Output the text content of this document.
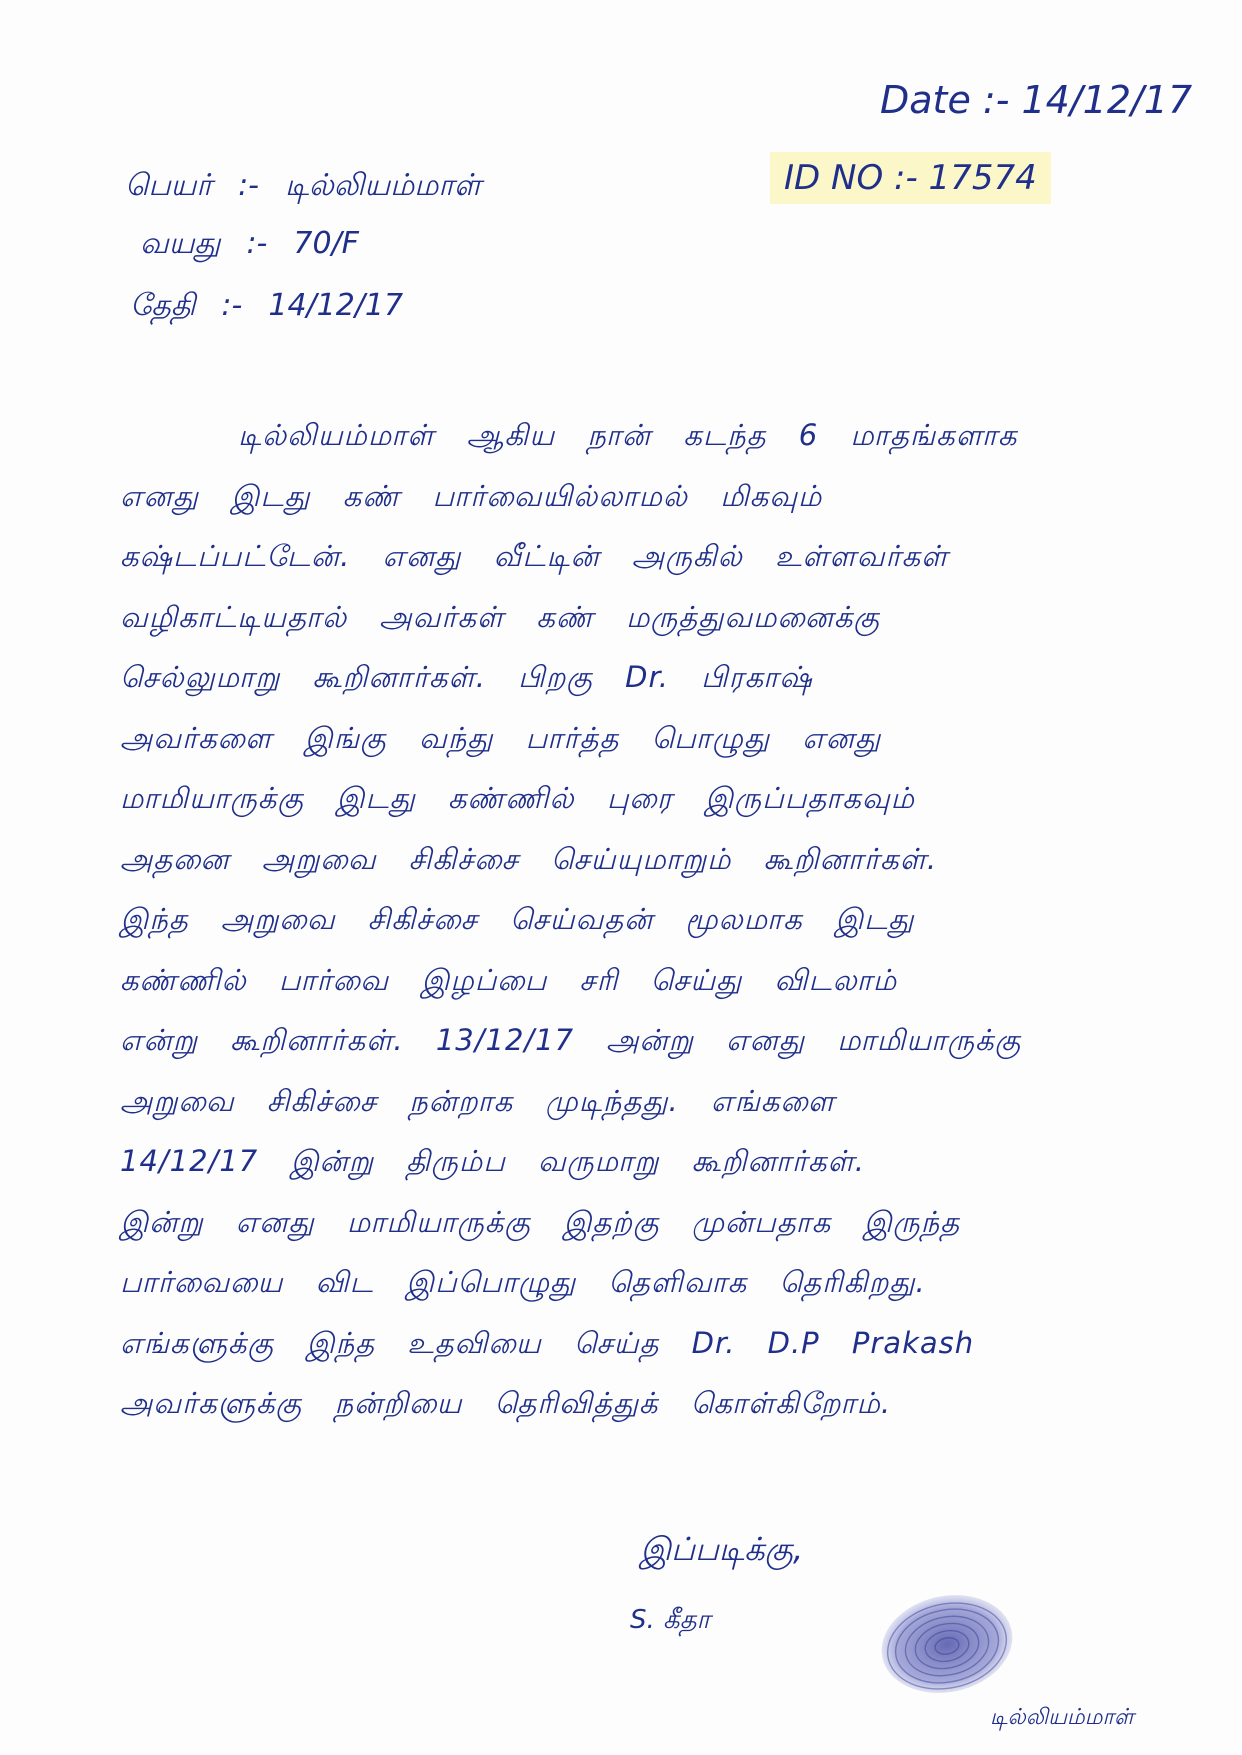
Date :- 14/12/17
ID NO :- 17574
பெயர் :- டில்லியம்மாள்
வயது :- 70/F
தேதி :- 14/12/17
டில்லியம்மாள் ஆகிய நான் கடந்த 6 மாதங்களாக
எனது இடது கண் பார்வையில்லாமல் மிகவும்
கஷ்டப்பட்டேன். எனது வீட்டின் அருகில் உள்ளவர்கள்
வழிகாட்டியதால் அவர்கள் கண் மருத்துவமனைக்கு
செல்லுமாறு கூறினார்கள். பிறகு Dr. பிரகாஷ்
அவர்களை இங்கு வந்து பார்த்த பொழுது எனது
மாமியாருக்கு இடது கண்ணில் புரை இருப்பதாகவும்
அதனை அறுவை சிகிச்சை செய்யுமாறும் கூறினார்கள்.
இந்த அறுவை சிகிச்சை செய்வதன் மூலமாக இடது
கண்ணில் பார்வை இழப்பை சரி செய்து விடலாம்
என்று கூறினார்கள். 13/12/17 அன்று எனது மாமியாருக்கு
அறுவை சிகிச்சை நன்றாக முடிந்தது. எங்களை
14/12/17 இன்று திரும்ப வருமாறு கூறினார்கள்.
இன்று எனது மாமியாருக்கு இதற்கு முன்பதாக இருந்த
பார்வையை விட இப்பொழுது தெளிவாக தெரிகிறது.
எங்களுக்கு இந்த உதவியை செய்த Dr. D.P Prakash
அவர்களுக்கு நன்றியை தெரிவித்துக் கொள்கிறோம்.
இப்படிக்கு,
S. கீதா
டில்லியம்மாள்
